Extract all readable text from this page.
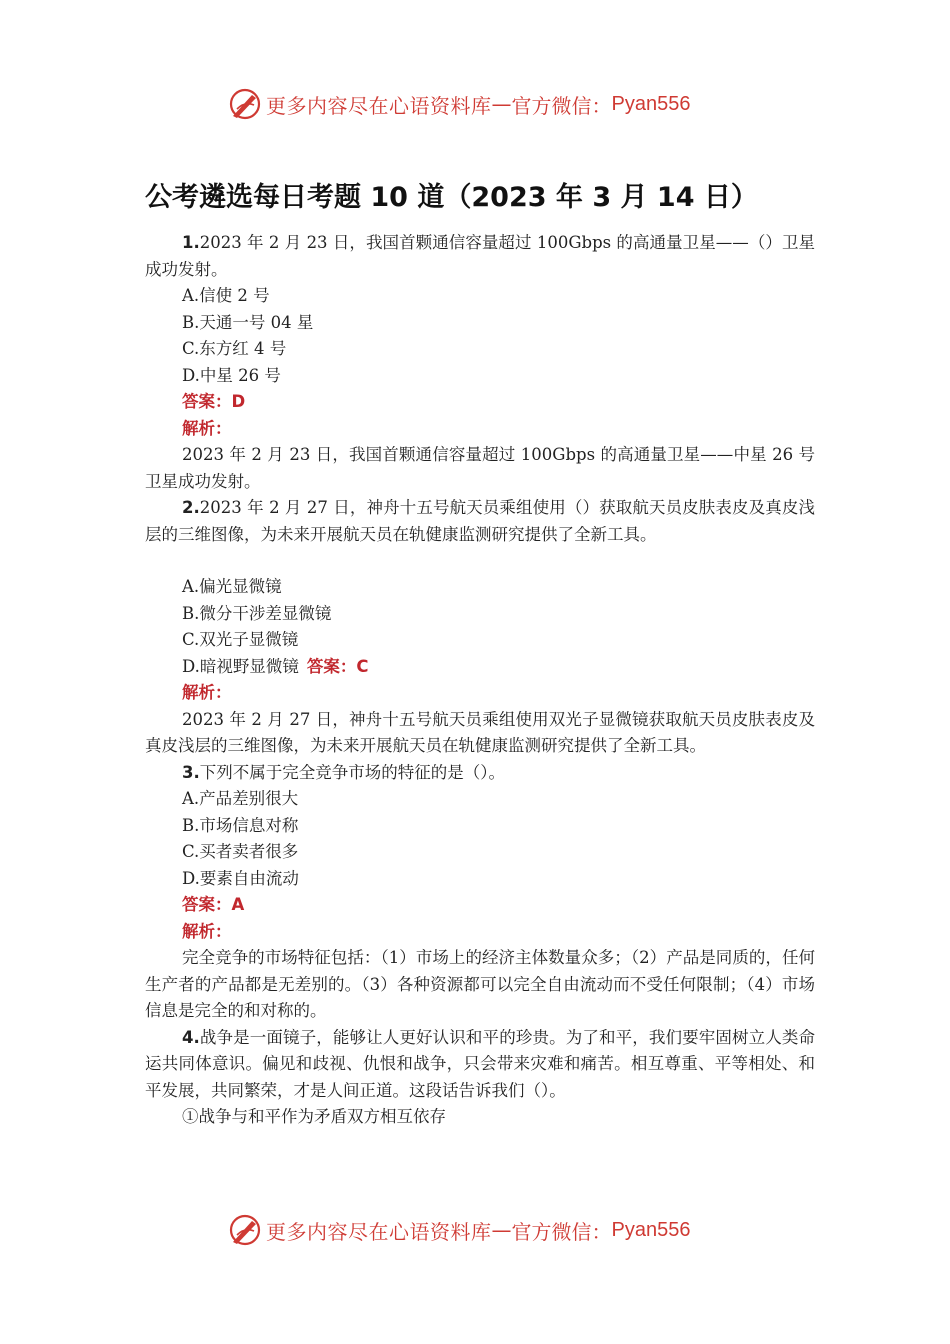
更多内容尽在心语资料库 — 官方微信： Pyan556
公考遴选每日考题 10 道（2023 年 3 月 14 日）

1.2023 年 2 月 23 日，我国首颗通信容量超过 100Gbps 的高通量卫星——（）卫星成功发射。

A.信使 2 号

B.天通一号 04 星

C.东方红 4 号

D.中星 26 号

答案：D

解析：

2023 年 2 月 23 日，我国首颗通信容量超过 100Gbps 的高通量卫星——中星 26 号卫星成功发射。

2.2023 年 2 月 27 日，神舟十五号航天员乘组使用（）获取航天员皮肤表皮及真皮浅层的三维图像，为未来开展航天员在轨健康监测研究提供了全新工具。

A.偏光显微镜

B.微分干涉差显微镜

C.双光子显微镜

D.暗视野显微镜 答案：C

解析：

2023 年 2 月 27 日，神舟十五号航天员乘组使用双光子显微镜获取航天员皮肤表皮及真皮浅层的三维图像，为未来开展航天员在轨健康监测研究提供了全新工具。

3.下列不属于完全竞争市场的特征的是（）。

A.产品差别很大

B.市场信息对称

C.买者卖者很多

D.要素自由流动

答案：A

解析：

完全竞争的市场特征包括：（1）市场上的经济主体数量众多；（2）产品是同质的，任何生产者的产品都是无差别的。（3）各种资源都可以完全自由流动而不受任何限制；（4）市场信息是完全的和对称的。

4.战争是一面镜子，能够让人更好认识和平的珍贵。为了和平，我们要牢固树立人类命运共同体意识。偏见和歧视、仇恨和战争，只会带来灾难和痛苦。相互尊重、平等相处、和平发展，共同繁荣，才是人间正道。这段话告诉我们（）。

①战争与和平作为矛盾双方相互依存

更多内容尽在心语资料库 — 官方微信： Pyan556
